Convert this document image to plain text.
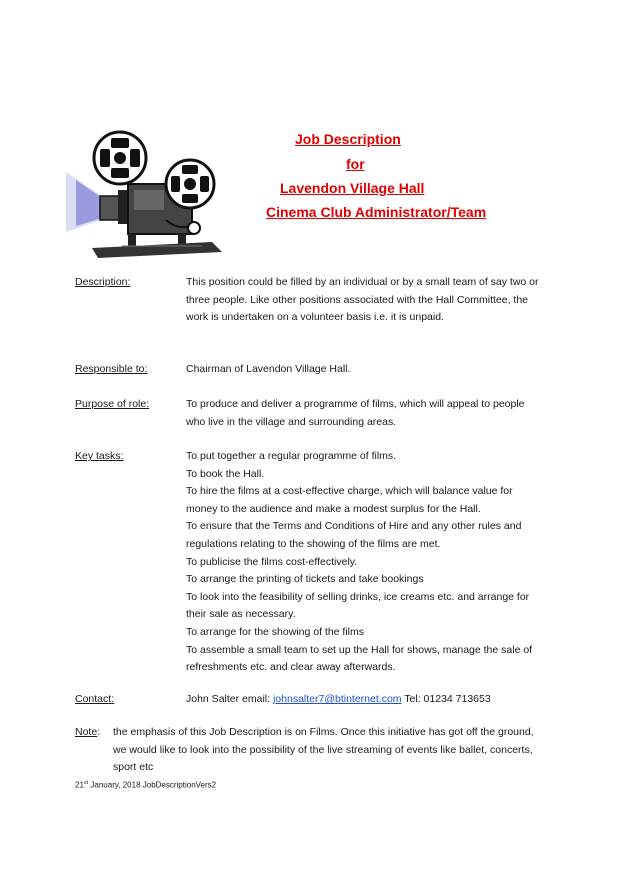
Job Description
for
Lavendon Village Hall
Cinema Club Administrator/Team
Description:	This position could be filled by an individual or by a small team of say two or three people. Like other positions associated with the Hall Committee, the work is undertaken on a volunteer basis i.e. it is unpaid.

Responsible to:	Chairman of Lavendon Village Hall.

Purpose of role:	To produce and deliver a programme of films, which will appeal to people who live in the village and surrounding areas.

Key tasks:	To put together a regular programme of films.

To book the Hall.

To hire the films at a cost-effective charge, which will balance value for money to the audience and make a modest surplus for the Hall.

To ensure that the Terms and Conditions of Hire and any other rules and regulations relating to the showing of the films are met.

To publicise the films cost-effectively.

To arrange the printing of tickets and take bookings

To look into the feasibility of selling drinks, ice creams etc. and arrange for their sale as necessary.

To arrange for the showing of the films

To assemble a small team to set up the Hall for shows, manage the sale of refreshments etc. and clear away afterwards.

Contact:	John Salter email: johnsalter7@btinternet.com Tel: 01234 713653
Note: the emphasis of this Job Description is on Films. Once this initiative has got off the ground, we would like to look into the possibility of the live streaming of events like ballet, concerts, sport etc
21st January, 2018 JobDescriptionVers2
